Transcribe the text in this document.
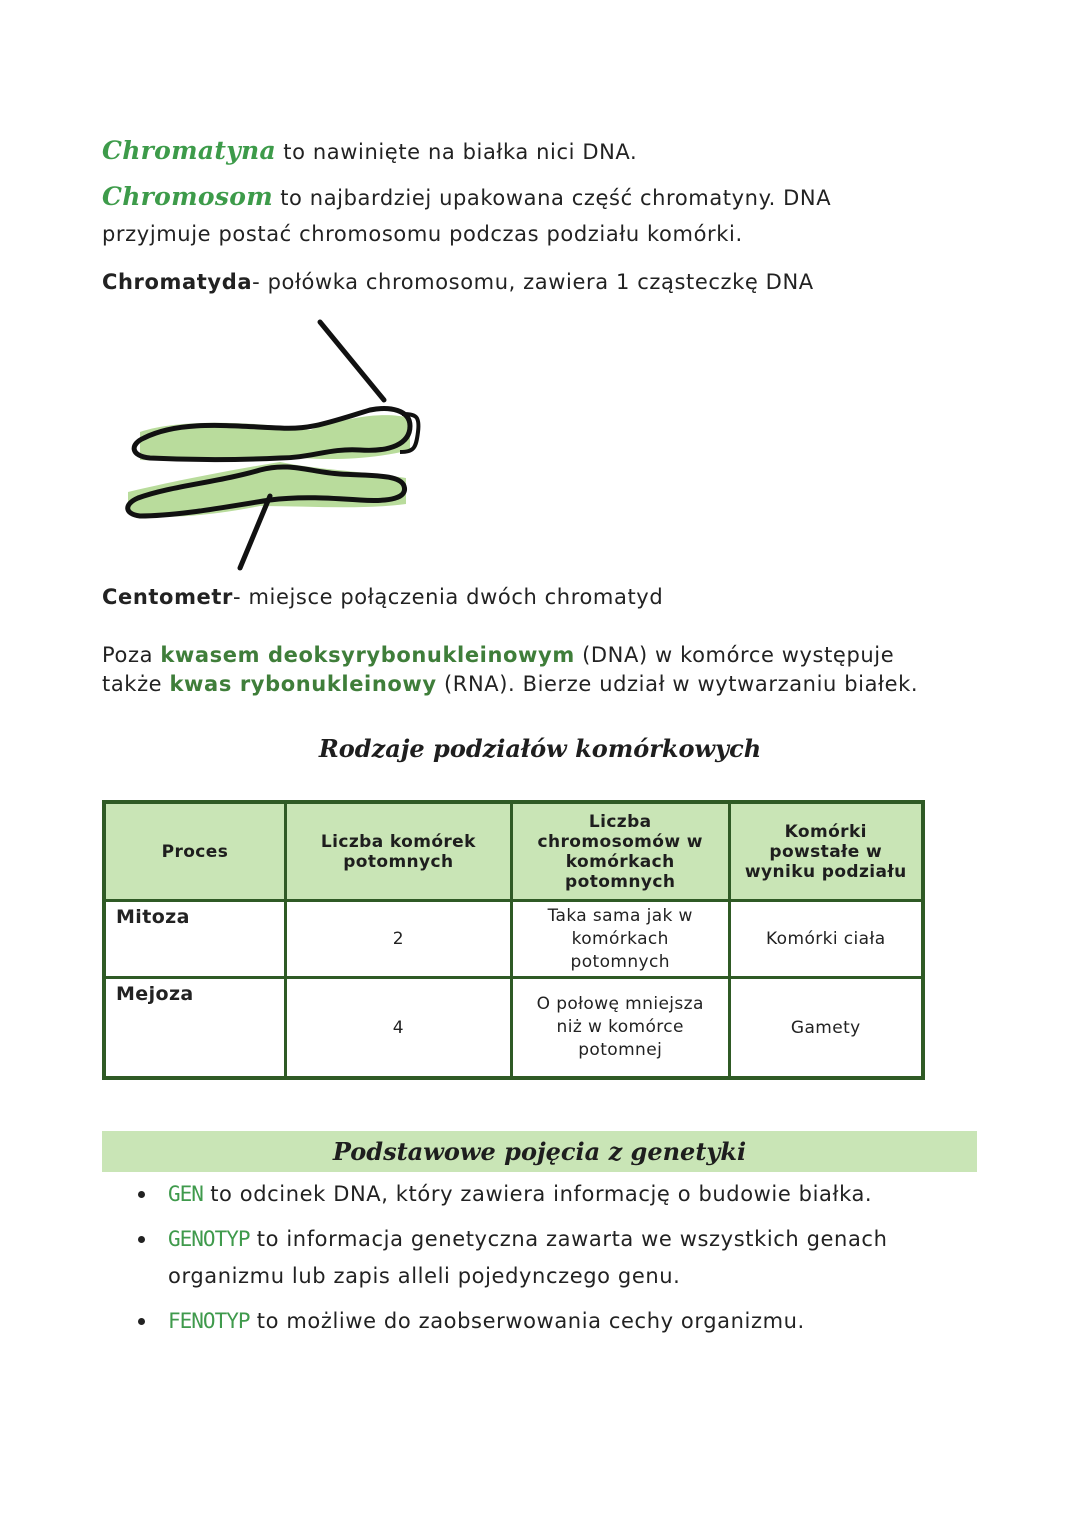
Chromatyna to nawinięte na białka nici DNA.
Chromosom to najbardziej upakowana część chromatyny. DNA
przyjmuje postać chromosomu podczas podziału komórki.
Chromatyda- połówka chromosomu, zawiera 1 cząsteczkę DNA
Centometr- miejsce połączenia dwóch chromatyd
Poza kwasem deoksyrybonukleinowym (DNA) w komórce występuje
także kwas rybonukleinowy (RNA). Bierze udział w wytwarzaniu białek.
Rodzaje podziałów komórkowych
Proces	Liczba komórek potomnych	Liczba chromosomów w komórkach potomnych	Komórki powstałe w wyniku podziału
Mitoza	2	Taka sama jak w komórkach potomnych	Komórki ciała
Mejoza	4	O połowę mniejsza niż w komórce potomnej	Gamety
Podstawowe pojęcia z genetyki
GEN to odcinek DNA, który zawiera informację o budowie białka.
GENOTYP to informacja genetyczna zawarta we wszystkich genach organizmu lub zapis alleli pojedynczego genu.
FENOTYP to możliwe do zaobserwowania cechy organizmu.
